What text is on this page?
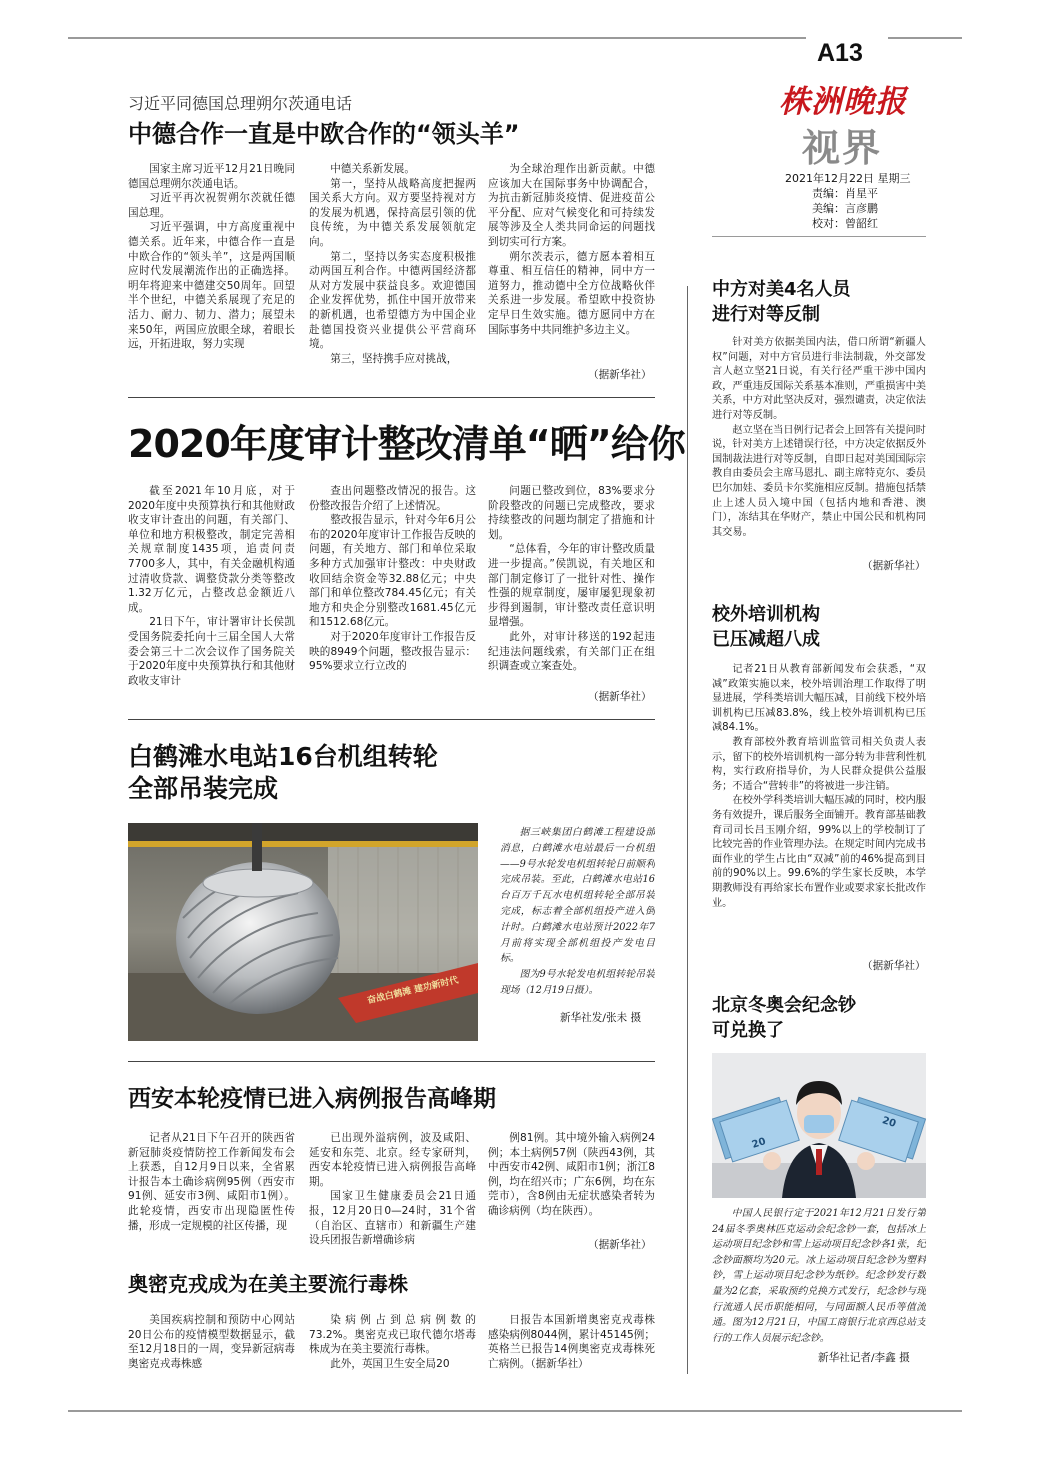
A13
株洲晚报
视界
2021年12月22日 星期三
责编：肖星平
美编：言彦鹏
校对：曾韶红
习近平同德国总理朔尔茨通电话
中德合作一直是中欧合作的“领头羊”

国家主席习近平12月21日晚同德国总理朔尔茨通电话。

习近平再次祝贺朔尔茨就任德国总理。

习近平强调，中方高度重视中德关系。近年来，中德合作一直是中欧合作的“领头羊”，这是两国顺应时代发展潮流作出的正确选择。明年将迎来中德建交50周年。回望半个世纪，中德关系展现了充足的活力、耐力、韧力、潜力；展望未来50年，两国应放眼全球，着眼长远，开拓进取，努力实现

中德关系新发展。

第一，坚持从战略高度把握两国关系大方向。双方要坚持视对方的发展为机遇，保持高层引领的优良传统，为中德关系发展领航定向。

第二，坚持以务实态度积极推动两国互利合作。中德两国经济都从对方发展中获益良多。欢迎德国企业发挥优势，抓住中国开放带来的新机遇，也希望德方为中国企业赴德国投资兴业提供公平营商环境。

第三，坚持携手应对挑战，

为全球治理作出新贡献。中德应该加大在国际事务中协调配合，为抗击新冠肺炎疫情、促进疫苗公平分配、应对气候变化和可持续发展等涉及全人类共同命运的问题找到切实可行方案。

朔尔茨表示，德方愿本着相互尊重、相互信任的精神，同中方一道努力，推动德中全方位战略伙伴关系进一步发展。希望欧中投资协定早日生效实施。德方愿同中方在国际事务中共同维护多边主义。

（据新华社）
2020年度审计整改清单“晒”给你

截至2021年10月底，对于2020年度中央预算执行和其他财政收支审计查出的问题，有关部门、单位和地方积极整改，制定完善相关规章制度1435项，追责问责7700多人，其中，有关金融机构通过清收贷款、调整贷款分类等整改1.32万亿元，占整改总金额近八成。

21日下午，审计署审计长侯凯受国务院委托向十三届全国人大常委会第三十二次会议作了国务院关于2020年度中央预算执行和其他财政收支审计

查出问题整改情况的报告。这份整改报告介绍了上述情况。

整改报告显示，针对今年6月公布的2020年度审计工作报告反映的问题，有关地方、部门和单位采取多种方式加强审计整改：中央财政收回结余资金等32.88亿元；中央部门和单位整改784.45亿元；有关地方和央企分别整改1681.45亿元和1512.68亿元。

对于2020年度审计工作报告反映的8949个问题，整改报告显示：95%要求立行立改的

问题已整改到位，83%要求分阶段整改的问题已完成整改，要求持续整改的问题均制定了措施和计划。

“总体看，今年的审计整改质量进一步提高。”侯凯说，有关地区和部门制定修订了一批针对性、操作性强的规章制度，屡审屡犯现象初步得到遏制，审计整改责任意识明显增强。

此外，对审计移送的192起违纪违法问题线索，有关部门正在组织调查或立案查处。

（据新华社）
白鹤滩水电站16台机组转轮
全部吊装完成
奋战白鹤滩 建功新时代

据三峡集团白鹤滩工程建设部消息，白鹤滩水电站最后一台机组——9号水轮发电机组转轮日前顺利完成吊装。至此，白鹤滩水电站16台百万千瓦水电机组转轮全部吊装完成，标志着全部机组投产进入倒计时。白鹤滩水电站预计2022年7月前将实现全部机组投产发电目标。

图为9号水轮发电机组转轮吊装现场（12月19日摄）。

新华社发/张未 摄
西安本轮疫情已进入病例报告高峰期

记者从21日下午召开的陕西省新冠肺炎疫情防控工作新闻发布会上获悉，自12月9日以来，全省累计报告本土确诊病例95例（西安市91例、延安市3例、咸阳市1例）。此轮疫情，西安市出现隐匿性传播，形成一定规模的社区传播，现

已出现外溢病例，波及咸阳、延安和东莞、北京。经专家研判，西安本轮疫情已进入病例报告高峰期。

国家卫生健康委员会21日通报，12月20日0—24时，31个省（自治区、直辖市）和新疆生产建设兵团报告新增确诊病

例81例。其中境外输入病例24例；本土病例57例（陕西43例，其中西安市42例、咸阳市1例；浙江8例，均在绍兴市；广东6例，均在东莞市），含8例由无症状感染者转为确诊病例（均在陕西）。

（据新华社）
奥密克戎成为在美主要流行毒株

美国疾病控制和预防中心网站20日公布的疫情模型数据显示，截至12月18日的一周，变异新冠病毒奥密克戎毒株感

染病例占到总病例数的73.2%。奥密克戎已取代德尔塔毒株成为在美主要流行毒株。

此外，英国卫生安全局20

日报告本国新增奥密克戎毒株感染病例8044例，累计45145例；英格兰已报告14例奥密克戎毒株死亡病例。（据新华社）

中方对美4名人员
进行对等反制

针对美方依据美国内法，借口所谓“新疆人权”问题，对中方官员进行非法制裁，外交部发言人赵立坚21日说，有关行径严重干涉中国内政，严重违反国际关系基本准则，严重损害中美关系，中方对此坚决反对，强烈谴责，决定依法进行对等反制。

赵立坚在当日例行记者会上回答有关提问时说，针对美方上述错误行径，中方决定依据反外国制裁法进行对等反制，自即日起对美国国际宗教自由委员会主席马恩扎、副主席特克尔、委员巴尔加娃、委员卡尔奖施相应反制。措施包括禁止上述人员入境中国（包括内地和香港、澳门），冻结其在华财产，禁止中国公民和机构同其交易。

（据新华社）
校外培训机构
已压减超八成

记者21日从教育部新闻发布会获悉，“双减”政策实施以来，校外培训治理工作取得了明显进展，学科类培训大幅压减，目前线下校外培训机构已压减83.8%，线上校外培训机构已压减84.1%。

教育部校外教育培训监管司相关负责人表示，留下的校外培训机构一部分转为非营利性机构，实行政府指导价，为人民群众提供公益服务；不适合“营转非”的将被进一步注销。

在校外学科类培训大幅压减的同时，校内服务有效提升，课后服务全面铺开。教育部基础教育司司长吕玉刚介绍，99%以上的学校制订了比较完善的作业管理办法。在规定时间内完成书面作业的学生占比由“双减”前的46%提高到目前的90%以上。99.6%的学生家长反映，本学期教师没有再给家长布置作业或要求家长批改作业。

（据新华社）
北京冬奥会纪念钞
可兑换了
20
20

中国人民银行定于2021年12月21日发行第24届冬季奥林匹克运动会纪念钞一套，包括冰上运动项目纪念钞和雪上运动项目纪念钞各1张，纪念钞面额均为20元。冰上运动项目纪念钞为塑料钞，雪上运动项目纪念钞为纸钞。纪念钞发行数量为2亿套，采取预约兑换方式发行，纪念钞与现行流通人民币职能相同，与同面额人民币等值流通。图为12月21日，中国工商银行北京西总站支行的工作人员展示纪念钞。

新华社记者/李鑫 摄
